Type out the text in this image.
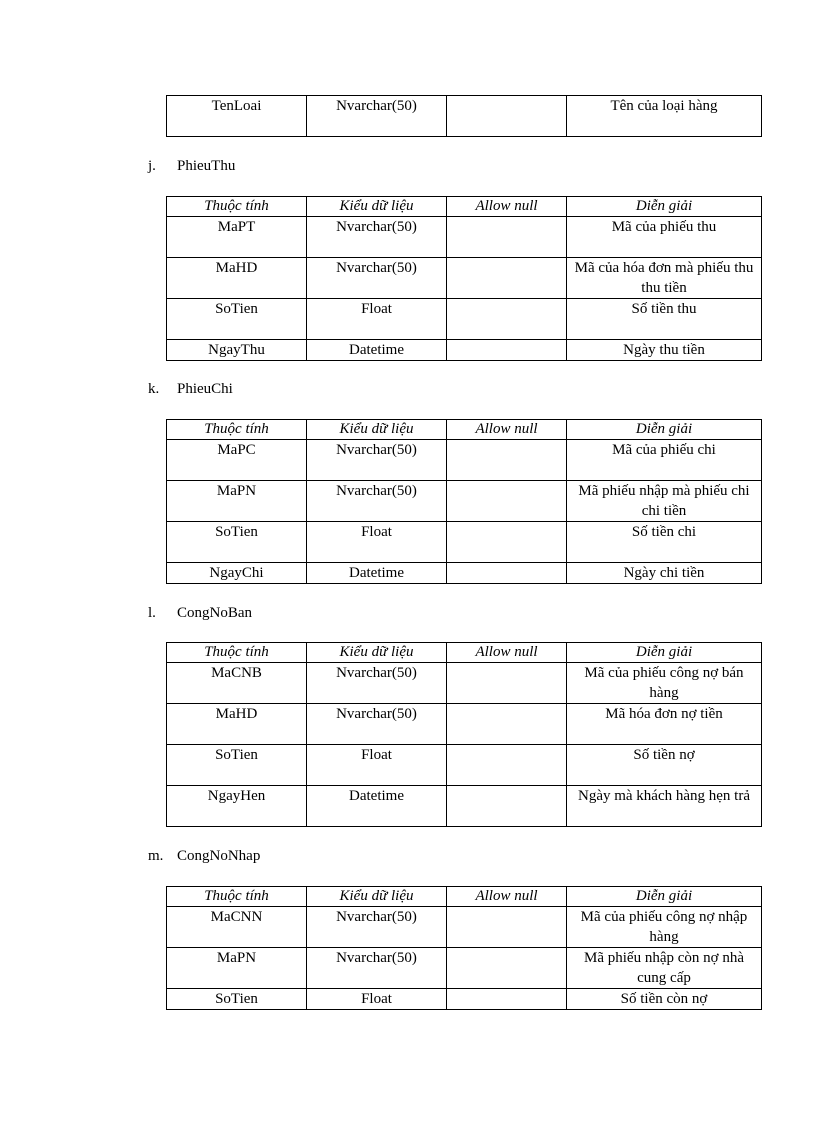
TenLoai	Nvarchar(50)		Tên của loại hàng
j. PhieuThu
Thuộc tính	Kiểu dữ liệu	Allow null	Diễn giải
MaPT	Nvarchar(50)		Mã của phiếu thu
MaHD	Nvarchar(50)		Mã của hóa đơn mà phiếu thu thu tiền
SoTien	Float		Số tiền thu
NgayThu	Datetime		Ngày thu tiền
k. PhieuChi
Thuộc tính	Kiểu dữ liệu	Allow null	Diễn giải
MaPC	Nvarchar(50)		Mã của phiếu chi
MaPN	Nvarchar(50)		Mã phiếu nhập mà phiếu chi chi tiền
SoTien	Float		Số tiền chi
NgayChi	Datetime		Ngày chi tiền
l. CongNoBan
Thuộc tính	Kiểu dữ liệu	Allow null	Diễn giải
MaCNB	Nvarchar(50)		Mã của phiếu công nợ bán hàng
MaHD	Nvarchar(50)		Mã hóa đơn nợ tiền
SoTien	Float		Số tiền nợ
NgayHen	Datetime		Ngày mà khách hàng hẹn trả
m. CongNoNhap
Thuộc tính	Kiểu dữ liệu	Allow null	Diễn giải
MaCNN	Nvarchar(50)		Mã của phiếu công nợ nhập hàng
MaPN	Nvarchar(50)		Mã phiếu nhập còn nợ nhà cung cấp
SoTien	Float		Số tiền còn nợ
